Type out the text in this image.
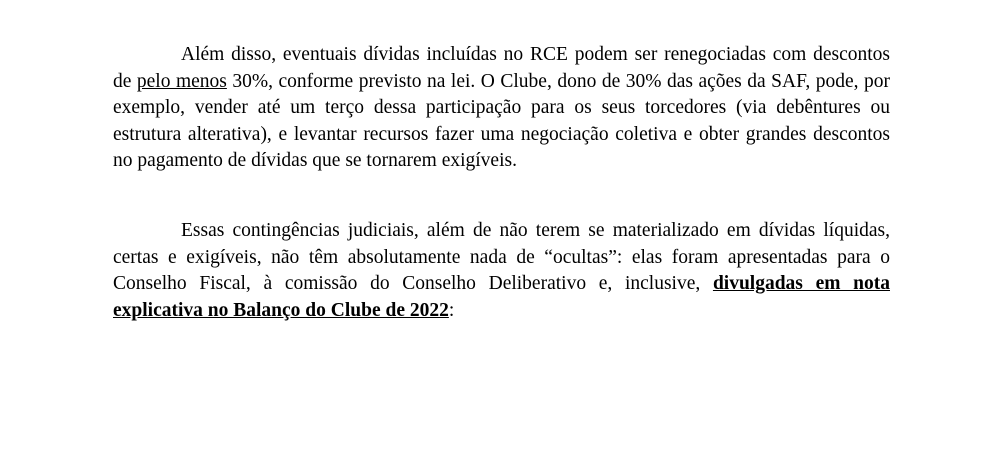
Além disso, eventuais dívidas incluídas no RCE podem ser renegociadas com descontos de pelo menos 30%, conforme previsto na lei. O Clube, dono de 30% das ações da SAF, pode, por exemplo, vender até um terço dessa participação para os seus torcedores (via debêntures ou estrutura alterativa), e levantar recursos fazer uma negociação coletiva e obter grandes descontos no pagamento de dívidas que se tornarem exigíveis.

Essas contingências judiciais, além de não terem se materializado em dívidas líquidas, certas e exigíveis, não têm absolutamente nada de “ocultas”: elas foram apresentadas para o Conselho Fiscal, à comissão do Conselho Deliberativo e, inclusive, divulgadas em nota explicativa no Balanço do Clube de 2022:
